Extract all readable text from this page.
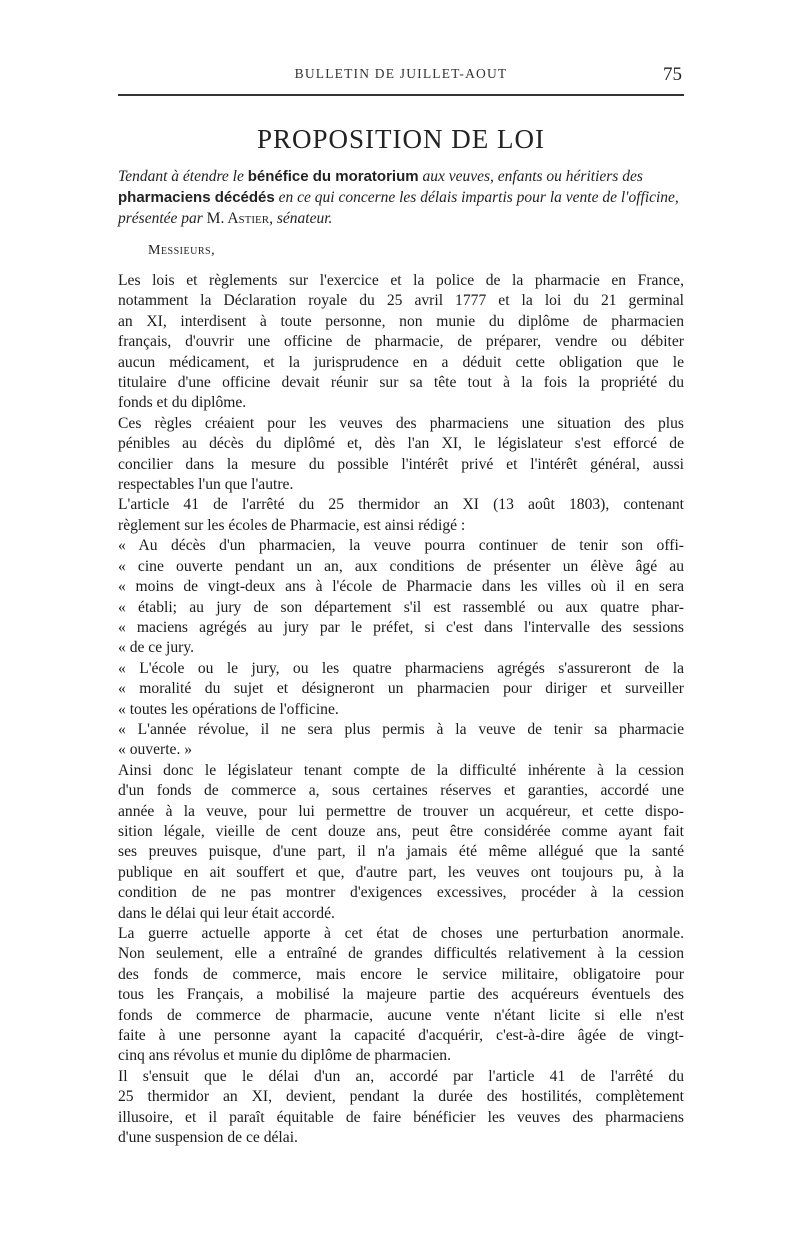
BULLETIN DE JUILLET-AOUT	75
PROPOSITION DE LOI
Tendant à étendre le bénéfice du moratorium aux veuves, enfants ou héritiers des pharmaciens décédés en ce qui concerne les délais impartis pour la vente de l'officine, présentée par M. Astier, sénateur.
Messieurs,
Les lois et règlements sur l'exercice et la police de la pharmacie en France,
notamment la Déclaration royale du 25 avril 1777 et la loi du 21 germinal
an XI, interdisent à toute personne, non munie du diplôme de pharmacien
français, d'ouvrir une officine de pharmacie, de préparer, vendre ou débiter
aucun médicament, et la jurisprudence en a déduit cette obligation que le
titulaire d'une officine devait réunir sur sa tête tout à la fois la propriété du
fonds et du diplôme.
Ces règles créaient pour les veuves des pharmaciens une situation des plus
pénibles au décès du diplômé et, dès l'an XI, le législateur s'est efforcé de
concilier dans la mesure du possible l'intérêt privé et l'intérêt général, aussi
respectables l'un que l'autre.
L'article 41 de l'arrêté du 25 thermidor an XI (13 août 1803), contenant
règlement sur les écoles de Pharmacie, est ainsi rédigé :
« Au décès d'un pharmacien, la veuve pourra continuer de tenir son offi-
« cine ouverte pendant un an, aux conditions de présenter un élève âgé au
« moins de vingt-deux ans à l'école de Pharmacie dans les villes où il en sera
« établi; au jury de son département s'il est rassemblé ou aux quatre phar-
« maciens agrégés au jury par le préfet, si c'est dans l'intervalle des sessions
« de ce jury.
« L'école ou le jury, ou les quatre pharmaciens agrégés s'assureront de la
« moralité du sujet et désigneront un pharmacien pour diriger et surveiller
« toutes les opérations de l'officine.
« L'année révolue, il ne sera plus permis à la veuve de tenir sa pharmacie
« ouverte. »
Ainsi donc le législateur tenant compte de la difficulté inhérente à la cession
d'un fonds de commerce a, sous certaines réserves et garanties, accordé une
année à la veuve, pour lui permettre de trouver un acquéreur, et cette dispo-
sition légale, vieille de cent douze ans, peut être considérée comme ayant fait
ses preuves puisque, d'une part, il n'a jamais été même allégué que la santé
publique en ait souffert et que, d'autre part, les veuves ont toujours pu, à la
condition de ne pas montrer d'exigences excessives, procéder à la cession
dans le délai qui leur était accordé.
La guerre actuelle apporte à cet état de choses une perturbation anormale.
Non seulement, elle a entraîné de grandes difficultés relativement à la cession
des fonds de commerce, mais encore le service militaire, obligatoire pour
tous les Français, a mobilisé la majeure partie des acquéreurs éventuels des
fonds de commerce de pharmacie, aucune vente n'étant licite si elle n'est
faite à une personne ayant la capacité d'acquérir, c'est-à-dire âgée de vingt-
cinq ans révolus et munie du diplôme de pharmacien.
Il s'ensuit que le délai d'un an, accordé par l'article 41 de l'arrêté du
25 thermidor an XI, devient, pendant la durée des hostilités, complètement
illusoire, et il paraît équitable de faire bénéficier les veuves des pharmaciens
d'une suspension de ce délai.
